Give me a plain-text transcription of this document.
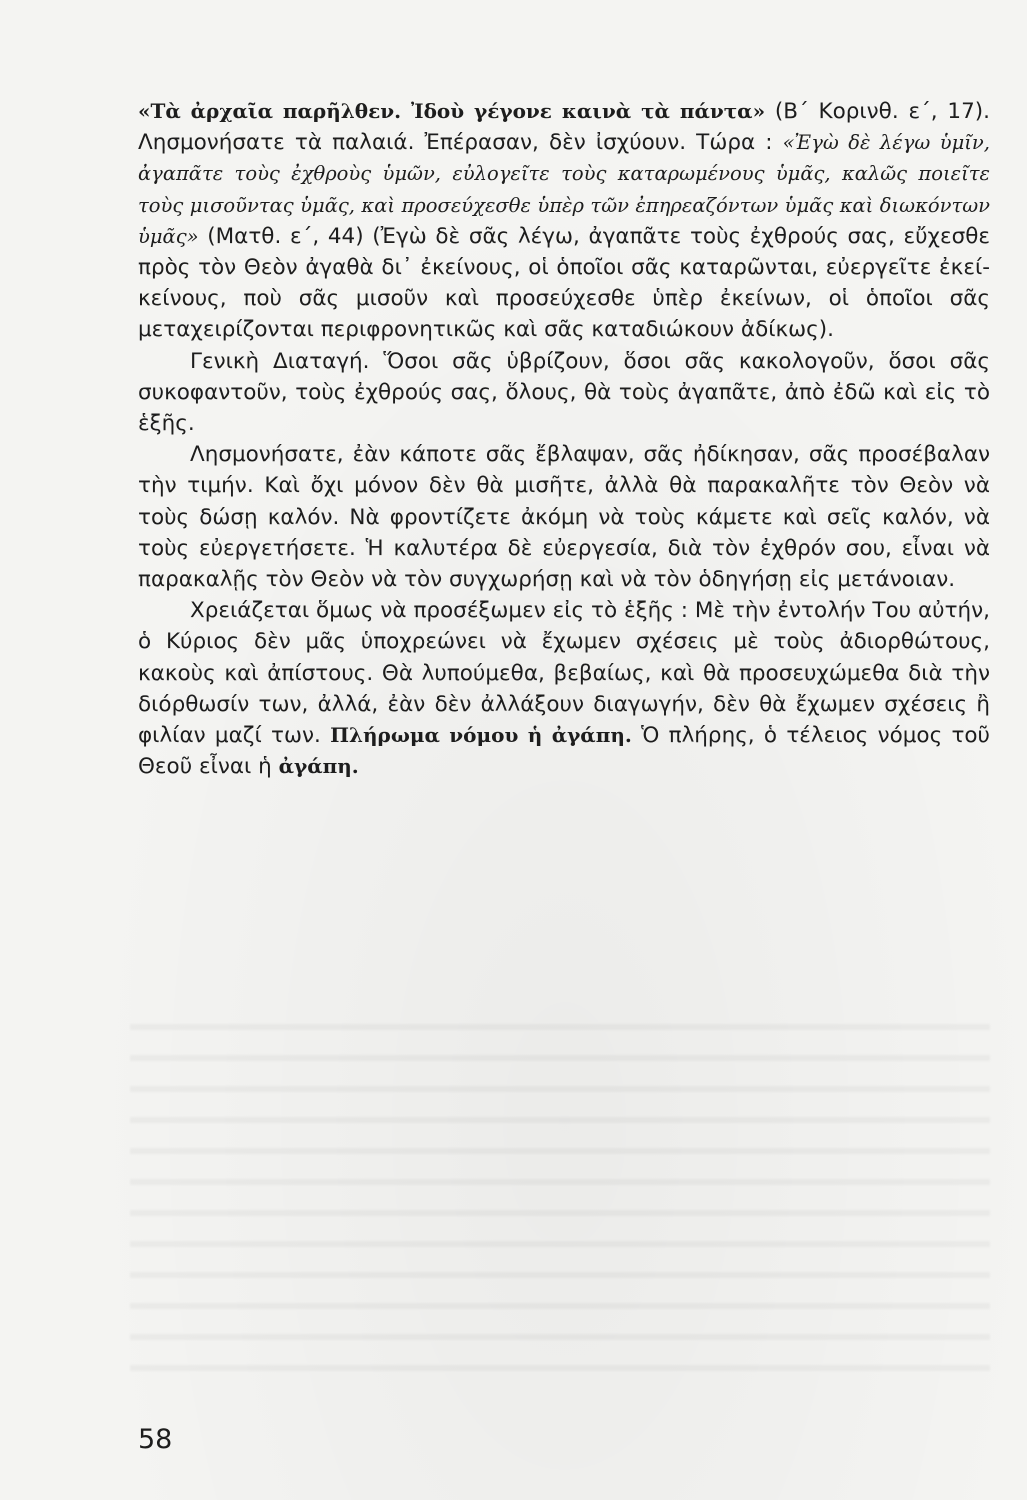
«Τὰ ἀρχαῖα παρῆλθεν. Ἰδοὺ γέγονε καινὰ τὰ πάντα» (Β΄ Κορινθ. ε΄, 17). Λησμονήσατε τὰ παλαιά. Ἐπέρασαν, δὲν ἰσχύουν. Τώρα : «Ἐγὼ δὲ λέγω ὑμῖν, ἀγαπᾶτε τοὺς ἐχθροὺς ὑμῶν, εὐλογεῖτε τοὺς καταρωμένους ὑμᾶς, καλῶς ποιεῖτε τοὺς μισοῦντας ὑμᾶς, καὶ προσεύχεσθε ὑπὲρ τῶν ἐπηρεαζόντων ὑμᾶς καὶ διωκόντων ὑμᾶς» (Ματθ. ε΄, 44) (Ἐγὼ δὲ σᾶς λέγω, ἀγαπᾶτε τοὺς ἐχθρούς σας, εὔχεσθε πρὸς τὸν Θεὸν ἀγαθὰ δι᾽ ἐκείνους, οἱ ὁποῖοι σᾶς καταρῶνται, εὐεργεῖτε ἐκείκείνους, ποὺ σᾶς μισοῦν καὶ προσεύχεσθε ὑπὲρ ἐκείνων, οἱ ὁποῖοι σᾶς μεταχειρίζονται περιφρονητικῶς καὶ σᾶς καταδιώκουν ἀδίκως).

Γενικὴ Διαταγή. Ὅσοι σᾶς ὑβρίζουν, ὅσοι σᾶς κακολογοῦν, ὅσοι σᾶς συκοφαντοῦν, τοὺς ἐχθρούς σας, ὅλους, θὰ τοὺς ἀγαπᾶτε, ἀπὸ ἐδῶ καὶ εἰς τὸ ἑξῆς.

Λησμονήσατε, ἐὰν κάποτε σᾶς ἔβλαψαν, σᾶς ἠδίκησαν, σᾶς προσέβαλαν τὴν τιμήν. Καὶ ὄχι μόνον δὲν θὰ μισῆτε, ἀλλὰ θὰ παρακαλῆτε τὸν Θεὸν νὰ τοὺς δώσῃ καλόν. Νὰ φροντίζετε ἀκόμη νὰ τοὺς κάμετε καὶ σεῖς καλόν, νὰ τοὺς εὐεργετήσετε. Ἡ καλυτέρα δὲ εὐεργεσία, διὰ τὸν ἐχθρόν σου, εἶναι νὰ παρακαλῇς τὸν Θεὸν νὰ τὸν συγχωρήσῃ καὶ νὰ τὸν ὁδηγήσῃ εἰς μετάνοιαν.

Χρειάζεται ὅμως νὰ προσέξωμεν εἰς τὸ ἑξῆς : Μὲ τὴν ἐντολήν Του αὐτήν, ὁ Κύριος δὲν μᾶς ὑποχρεώνει νὰ ἔχωμεν σχέσεις μὲ τοὺς ἀδιορθώτους, κακοὺς καὶ ἀπίστους. Θὰ λυπούμεθα, βεβαίως, καὶ θὰ προσευχώμεθα διὰ τὴν διόρθωσίν των, ἀλλά, ἐὰν δὲν ἀλλάξουν διαγωγήν, δὲν θὰ ἔχωμεν σχέσεις ἢ φιλίαν μαζί των. Πλήρωμα νόμου ἡ ἀγάπη. Ὁ πλήρης, ὁ τέλειος νόμος τοῦ Θεοῦ εἶναι ἡ ἀγάπη.

58
